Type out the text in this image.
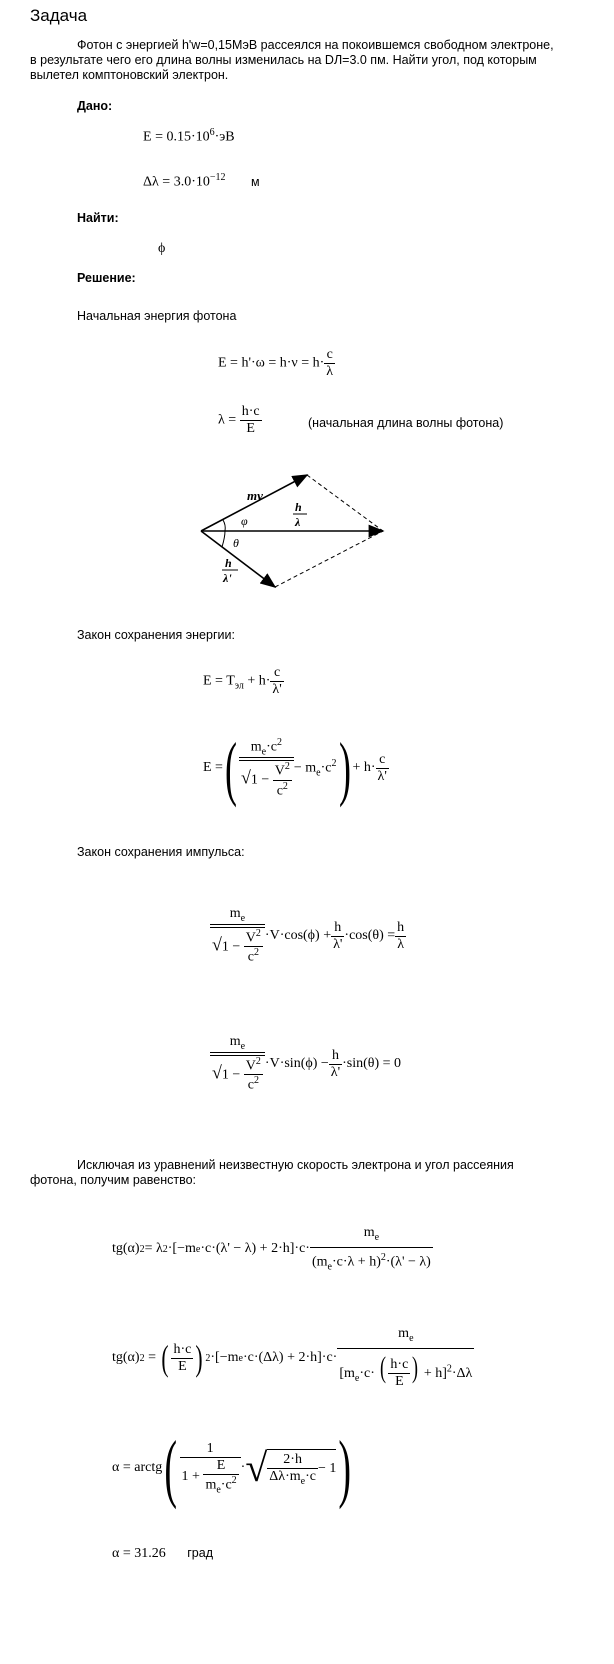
Задача
Фотон с энергией h'w=0,15МэВ рассеялся на покоившемся свободном электроне,
в результате чего его длина волны изменилась на DЛ=3.0 пм. Найти угол, под которым
вылетел комптоновский электрон.
Дано:
$E = 0.15\cdot 10^6\cdot эВ$
$\Delta\lambda = 3.0\cdot 10^{-12}$ м
Найти:
ϕ
Решение:
Начальная энергия фотона
$E = h'\cdot\omega = h\cdot\nu = h\cdot \frac{c}{\lambda}$
$\lambda = \frac{h\cdot c}{E}$	(начальная длина волны фотона)
mv
φ
h
λ
θ
h
λ'
Закон сохранения энергии:
$E = T_{эл} + h\cdot \frac{c}{\lambda'}$
E = ( $\frac{m_e\cdot c^2}{√1 - \frac{V^2}{c^2}} - m_e\cdot c^2$ ) + $h\cdot \frac{c}{\lambda'}$
Закон сохранения импульса:
$\frac{m_e}{√1 - \frac{V^2}{c^2}} \cdot V\cdot\cos(\phi) + \frac{h}{\lambda'} \cdot\cos(\theta) = \frac{h}{\lambda}$
$\frac{m_e}{√1 - \frac{V^2}{c^2}} \cdot V\cdot\sin(\phi) - \frac{h}{\lambda'} \cdot\sin(\theta) = 0$
Исключая из уравнений неизвестную скорость электрона и угол рассеяния
фотона, получим равенство:
tg(α) 2 = λ 2 · [−m $e \cdot c\cdot(\lambda' - \lambda) + 2\cdot h]\cdot c\cdot \frac{m_e}{(m_e\cdot c\cdot\lambda + h)^2\cdot(\lambda' - \lambda)}$
tg(α) 2 = ( $\frac{h\cdot c}{E}$ ) 2 · [−m $e \cdot c\cdot(\Delta\lambda) + 2\cdot h]\cdot c\cdot \frac{m_e}{[m_e\cdot c\cdot ( \frac{h\cdot c}{E} ) + h]^2\cdot\Delta\lambda}$
α = arctg ( $\frac{1}{1 + \frac{E}{m_e\cdot c^2}}$ · √ $\frac{2\cdot h}{\Delta\lambda\cdot m_e\cdot c} - 1$ )
α = 31.26 град
